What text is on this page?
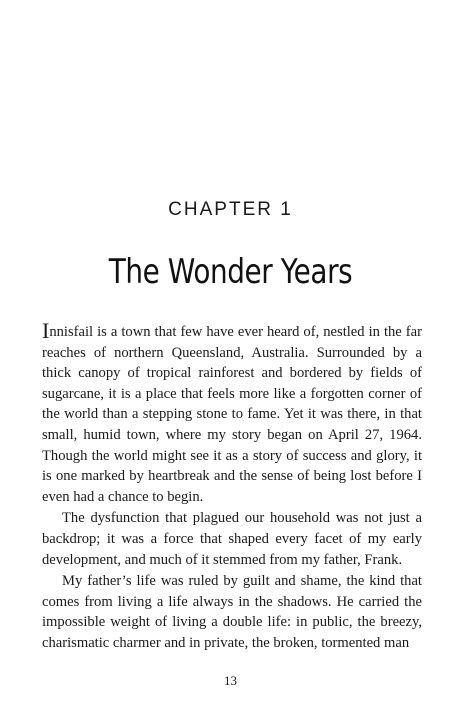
CHAPTER 1
The Wonder Years

Innisfail is a town that few have ever heard of, nestled in the far reaches of northern Queensland, Australia. Surrounded by a thick canopy of tropical rainforest and bordered by fields of sugarcane, it is a place that feels more like a forgotten corner of the world than a stepping stone to fame. Yet it was there, in that small, humid town, where my story began on April 27, 1964. Though the world might see it as a story of success and glory, it is one marked by heartbreak and the sense of being lost before I even had a chance to begin.

The dysfunction that plagued our household was not just a backdrop; it was a force that shaped every facet of my early development, and much of it stemmed from my father, Frank.

My father’s life was ruled by guilt and shame, the kind that comes from living a life always in the shadows. He carried the impossible weight of living a double life: in public, the breezy, charismatic charmer and in private, the broken, tormented man

13
